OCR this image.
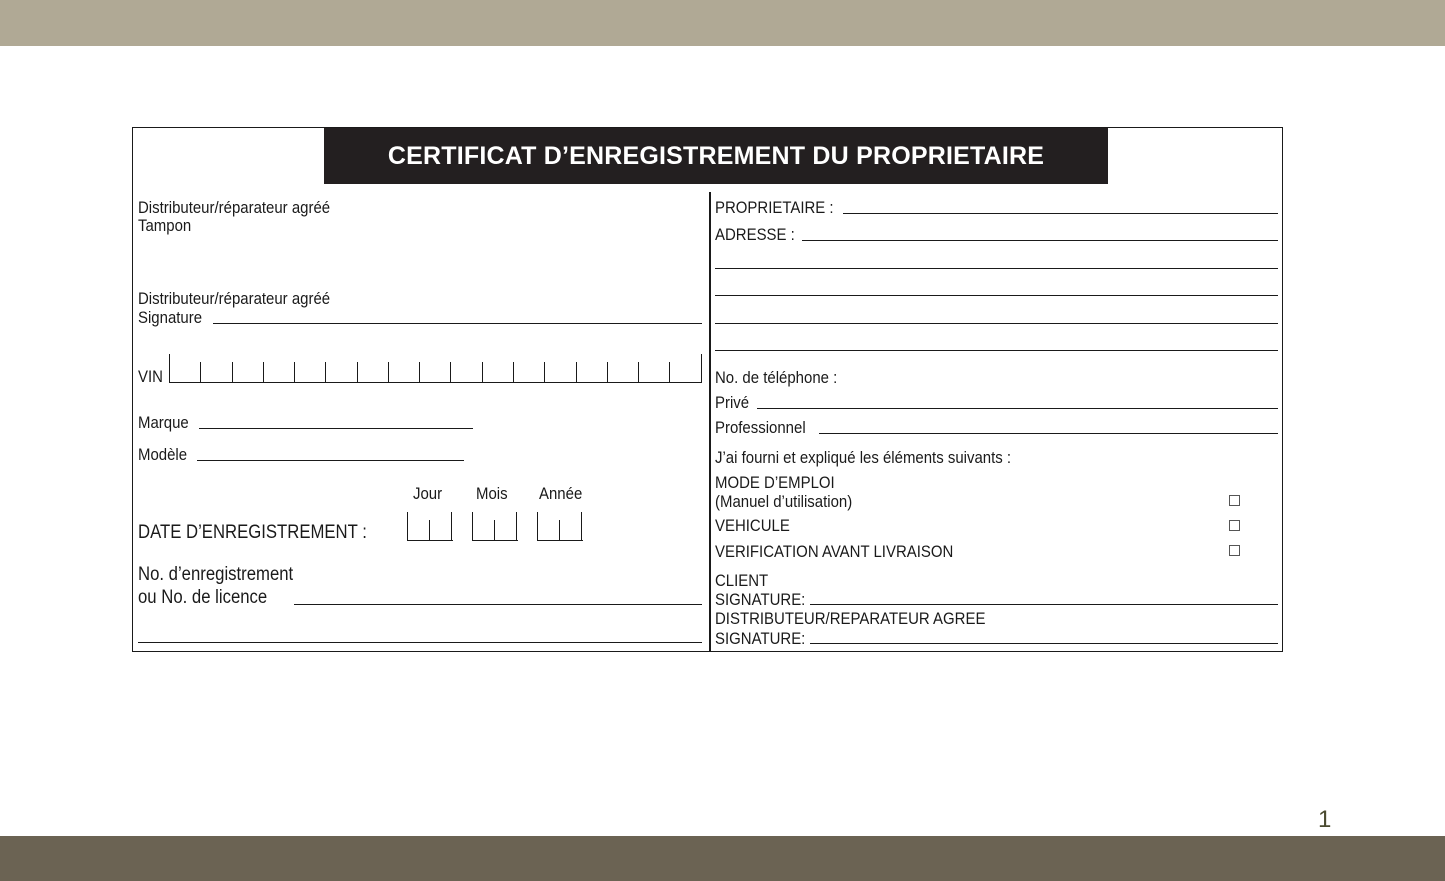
CERTIFICAT D’ENREGISTREMENT DU PROPRIETAIRE
Distributeur/réparateur agréé
Tampon
Distributeur/réparateur agréé
Signature
VIN
Marque
Modèle
Jour Mois Année
DATE D’ENREGISTREMENT :
No. d’enregistrement
ou No. de licence
PROPRIETAIRE :
ADRESSE :
No. de téléphone :
Privé
Professionnel
J’ai fourni et expliqué les éléments suivants :
MODE D’EMPLOI
(Manuel d’utilisation)
VEHICULE
VERIFICATION AVANT LIVRAISON
CLIENT
SIGNATURE:
DISTRIBUTEUR/REPARATEUR AGREE
SIGNATURE:
1
